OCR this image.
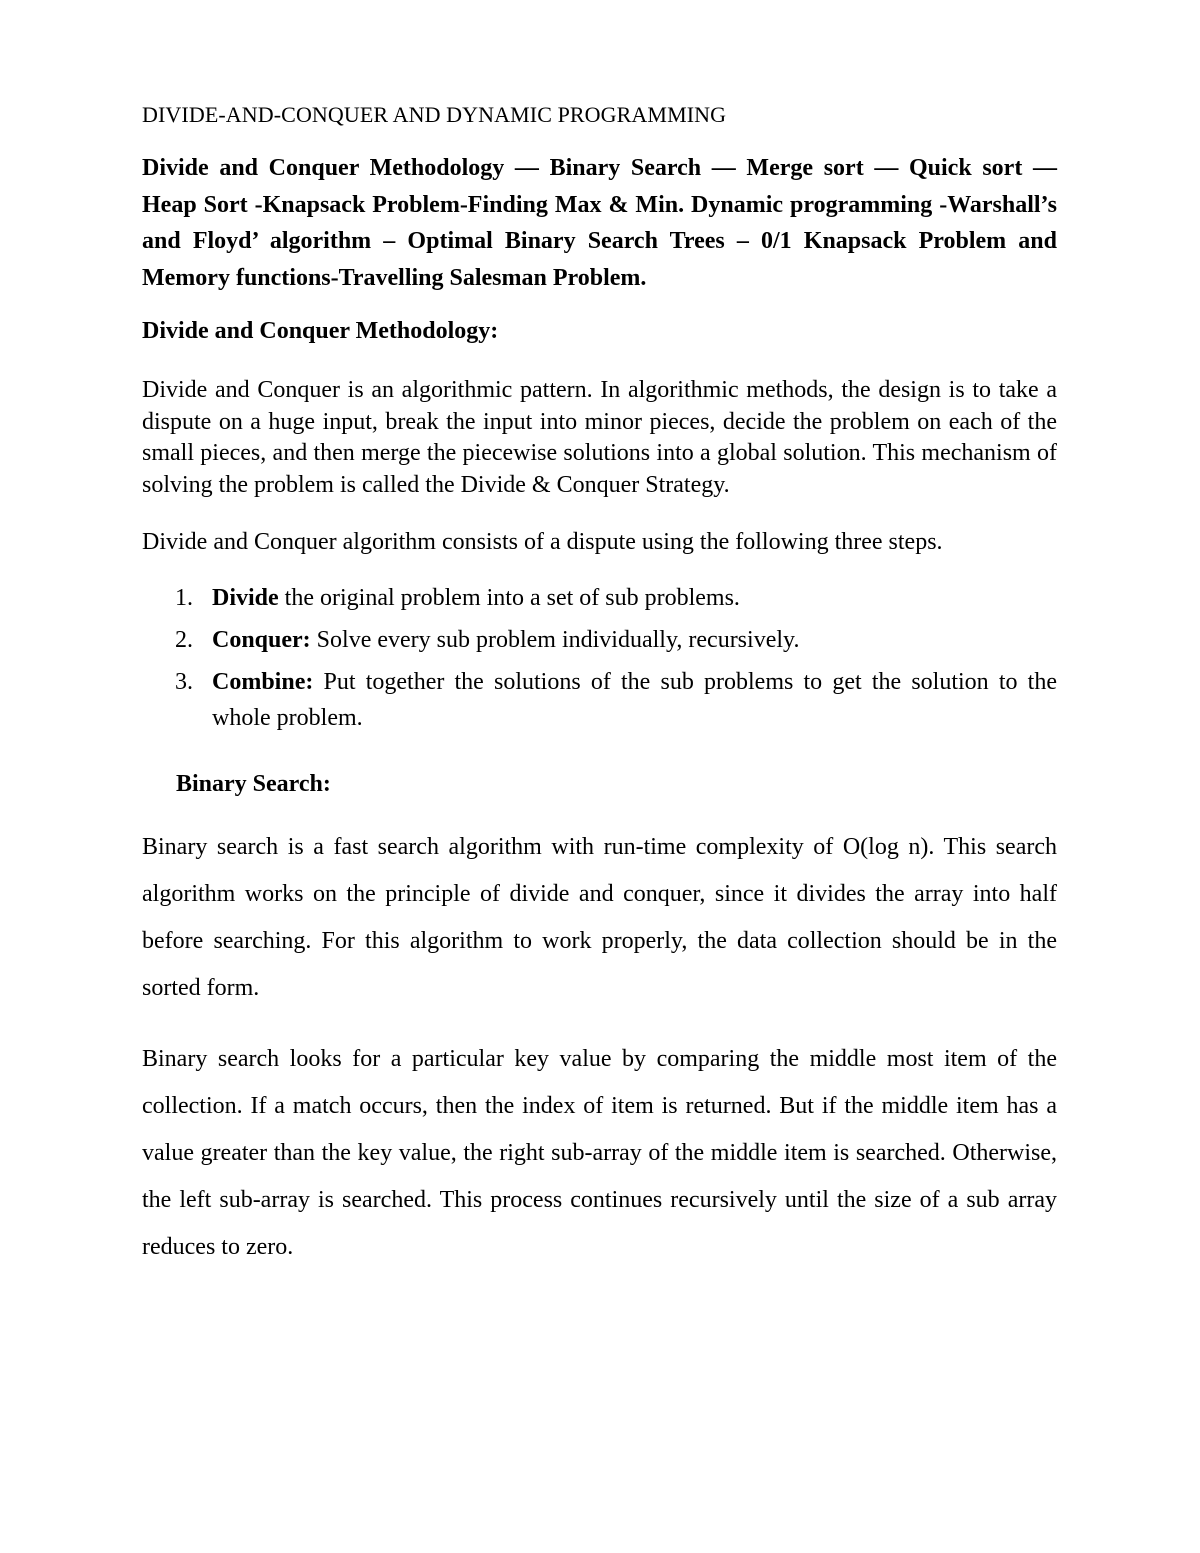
DIVIDE-AND-CONQUER AND DYNAMIC PROGRAMMING

Divide and Conquer Methodology — Binary Search — Merge sort — Quick sort — Heap Sort -Knapsack Problem-Finding Max & Min. Dynamic programming -Warshall’s and Floyd’ algorithm – Optimal Binary Search Trees – 0/1 Knapsack Problem and Memory functions-Travelling Salesman Problem.

Divide and Conquer Methodology:

Divide and Conquer is an algorithmic pattern. In algorithmic methods, the design is to take a dispute on a huge input, break the input into minor pieces, decide the problem on each of the small pieces, and then merge the piecewise solutions into a global solution. This mechanism of solving the problem is called the Divide & Conquer Strategy.

Divide and Conquer algorithm consists of a dispute using the following three steps.

1. Divide the original problem into a set of sub problems.
2. Conquer: Solve every sub problem individually, recursively.
3. Combine: Put together the solutions of the sub problems to get the solution to the whole problem.
Binary Search:

Binary search is a fast search algorithm with run-time complexity of O(log n). This search algorithm works on the principle of divide and conquer, since it divides the array into half before searching. For this algorithm to work properly, the data collection should be in the sorted form.

Binary search looks for a particular key value by comparing the middle most item of the collection. If a match occurs, then the index of item is returned. But if the middle item has a value greater than the key value, the right sub-array of the middle item is searched. Otherwise, the left sub-array is searched. This process continues recursively until the size of a sub array reduces to zero.
